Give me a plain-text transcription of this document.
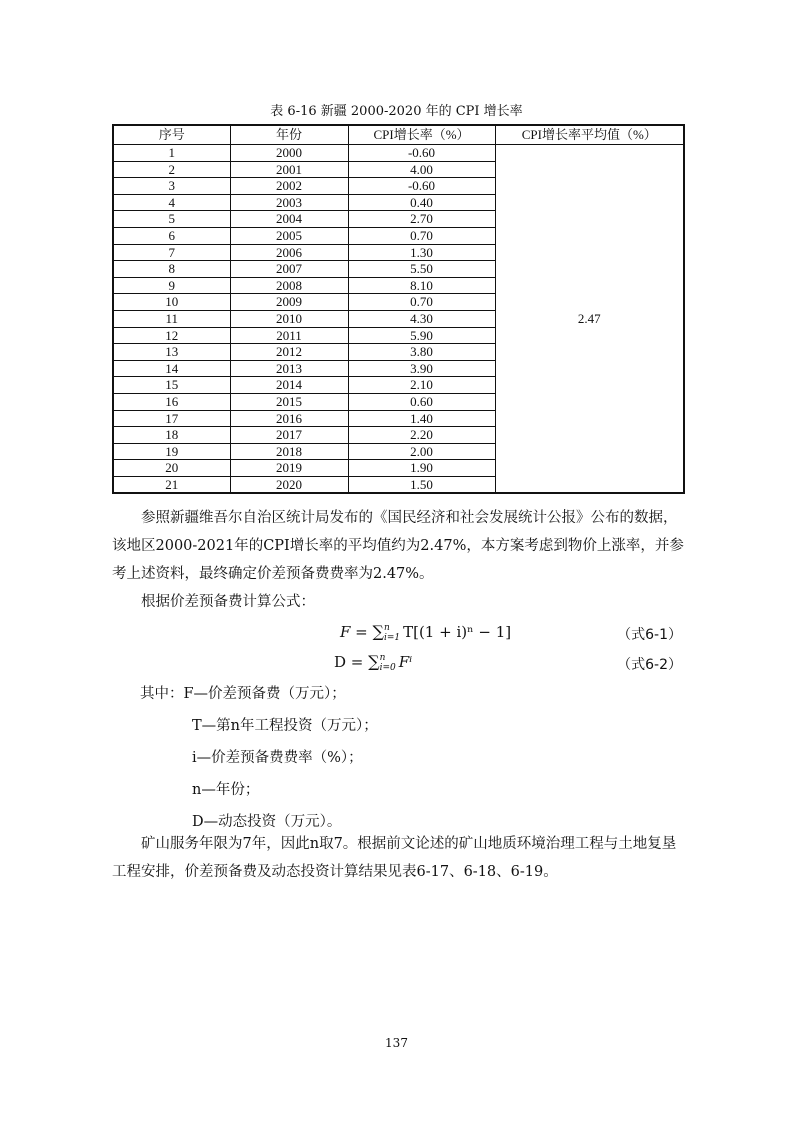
表 6-16 新疆 2000-2020 年的 CPI 增长率
序号	年份	CPI增长率（%）	CPI增长率平均值（%）
1	2000	-0.60	2.47
2	2001	4.00	
3	2002	-0.60	
4	2003	0.40	
5	2004	2.70	
6	2005	0.70	
7	2006	1.30	
8	2007	5.50	
9	2008	8.10	
10	2009	0.70	
11	2010	4.30	
12	2011	5.90	
13	2012	3.80	
14	2013	3.90	
15	2014	2.10	
16	2015	0.60	
17	2016	1.40	
18	2017	2.20	
19	2018	2.00	
20	2019	1.90	
21	2020	1.50	
参照新疆维吾尔自治区统计局发布的《国民经济和社会发展统计公报》公布的数据，该地区2000-2021年的CPI增长率的平均值约为2.47%，本方案考虑到物价上涨率，并参考上述资料，最终确定价差预备费费率为2.47%。
根据价差预备费计算公式：
F = ∑ n
i=1 T[(1 + i)ⁿ − 1]	（式6-1）
D = ∑ n
i=0 Fⁱ	（式6-2）
其中：F—价差预备费（万元）；
T—第n年工程投资（万元）；
i—价差预备费费率（%）；
n—年份；
D—动态投资（万元）。
矿山服务年限为7年，因此n取7。根据前文论述的矿山地质环境治理工程与土地复垦工程安排，价差预备费及动态投资计算结果见表6-17、6-18、6-19。
137
